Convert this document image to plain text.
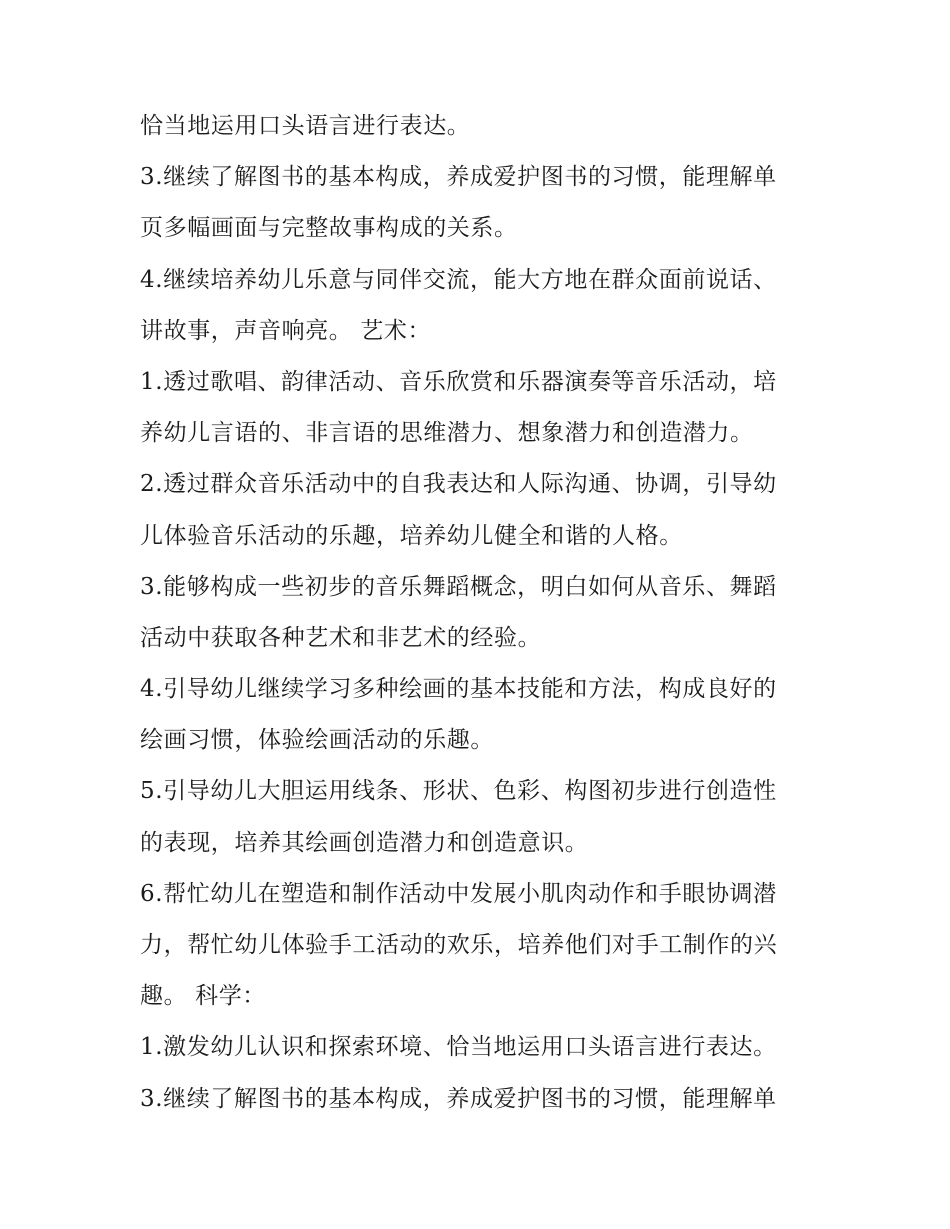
恰当地运用口头语言进行表达。
3.继续了解图书的基本构成，养成爱护图书的习惯，能理解单
页多幅画面与完整故事构成的关系。
4.继续培养幼儿乐意与同伴交流，能大方地在群众面前说话、
讲故事，声音响亮。 艺术：
1.透过歌唱、韵律活动、音乐欣赏和乐器演奏等音乐活动，培
养幼儿言语的、非言语的思维潜力、想象潜力和创造潜力。
2.透过群众音乐活动中的自我表达和人际沟通、协调，引导幼
儿体验音乐活动的乐趣，培养幼儿健全和谐的人格。
3.能够构成一些初步的音乐舞蹈概念，明白如何从音乐、舞蹈
活动中获取各种艺术和非艺术的经验。
4.引导幼儿继续学习多种绘画的基本技能和方法，构成良好的
绘画习惯，体验绘画活动的乐趣。
5.引导幼儿大胆运用线条、形状、色彩、构图初步进行创造性
的表现，培养其绘画创造潜力和创造意识。
6.帮忙幼儿在塑造和制作活动中发展小肌肉动作和手眼协调潜
力，帮忙幼儿体验手工活动的欢乐，培养他们对手工制作的兴
趣。 科学：
1.激发幼儿认识和探索环境、恰当地运用口头语言进行表达。
3.继续了解图书的基本构成，养成爱护图书的习惯，能理解单
